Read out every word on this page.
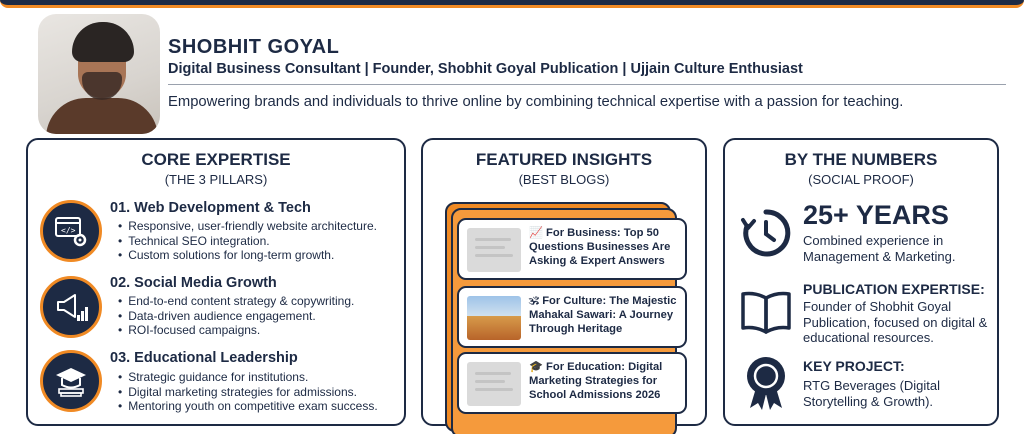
SHOBHIT GOYAL
Digital Business Consultant | Founder, Shobhit Goyal Publication | Ujjain Culture Enthusiast
Empowering brands and individuals to thrive online by combining technical expertise with a passion for teaching.
CORE EXPERTISE
(THE 3 PILLARS)
</>
01. Web Development & Tech
• Responsive, user-friendly website architecture.
• Technical SEO integration.
• Custom solutions for long-term growth.
02. Social Media Growth
• End-to-end content strategy & copywriting.
• Data-driven audience engagement.
• ROI-focused campaigns.
03. Educational Leadership
• Strategic guidance for institutions.
• Digital marketing strategies for admissions.
• Mentoring youth on competitive exam success.
FEATURED INSIGHTS
(BEST BLOGS)
📈 For Business: Top 50 Questions Businesses Are Asking & Expert Answers
🕉 For Culture: The Majestic Mahakal Sawari: A Journey Through Heritage
🎓 For Education: Digital Marketing Strategies for School Admissions 2026
BY THE NUMBERS
(SOCIAL PROOF)
25+ YEARS
Combined experience in Management & Marketing.
PUBLICATION EXPERTISE:
Founder of Shobhit Goyal Publication, focused on digital & educational resources.
KEY PROJECT:
RTG Beverages (Digital Storytelling & Growth).
